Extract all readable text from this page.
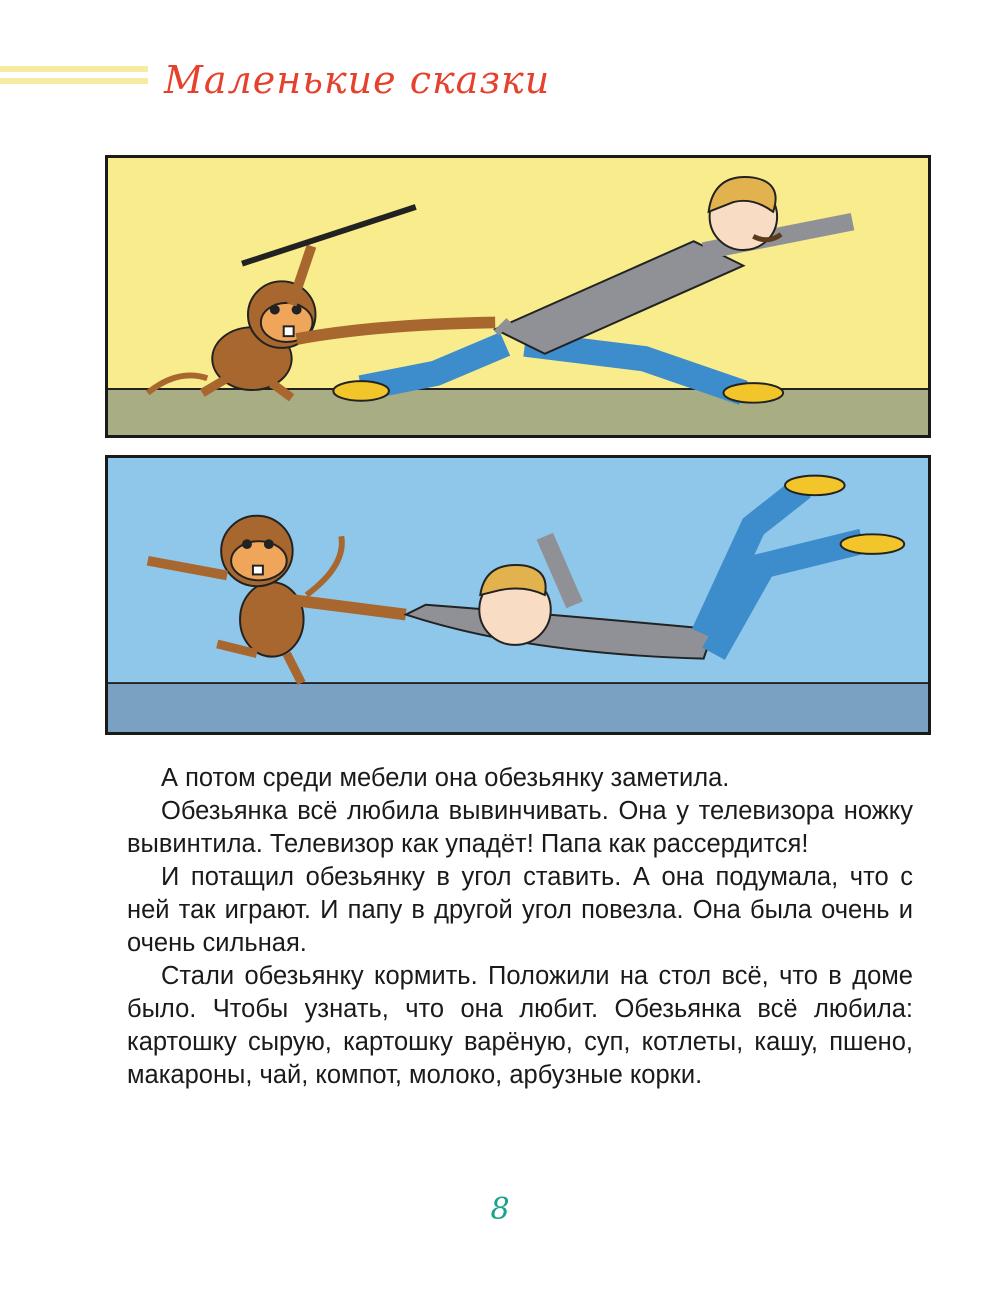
Маленькие сказки

А потом среди мебели она обезьянку заметила.

Обезьянка всё любила вывинчивать. Она у телевизора ножку вывинтила. Телевизор как упадёт! Папа как рассердится!

И потащил обезьянку в угол ставить. А она подумала, что с ней так играют. И папу в другой угол повезла. Она была очень и очень сильная.

Стали обезьянку кормить. Положили на стол всё, что в доме было. Чтобы узнать, что она любит. Обезьянка всё любила: картошку сырую, картошку варёную, суп, котлеты, кашу, пшено, макароны, чай, компот, молоко, арбузные корки.

8
